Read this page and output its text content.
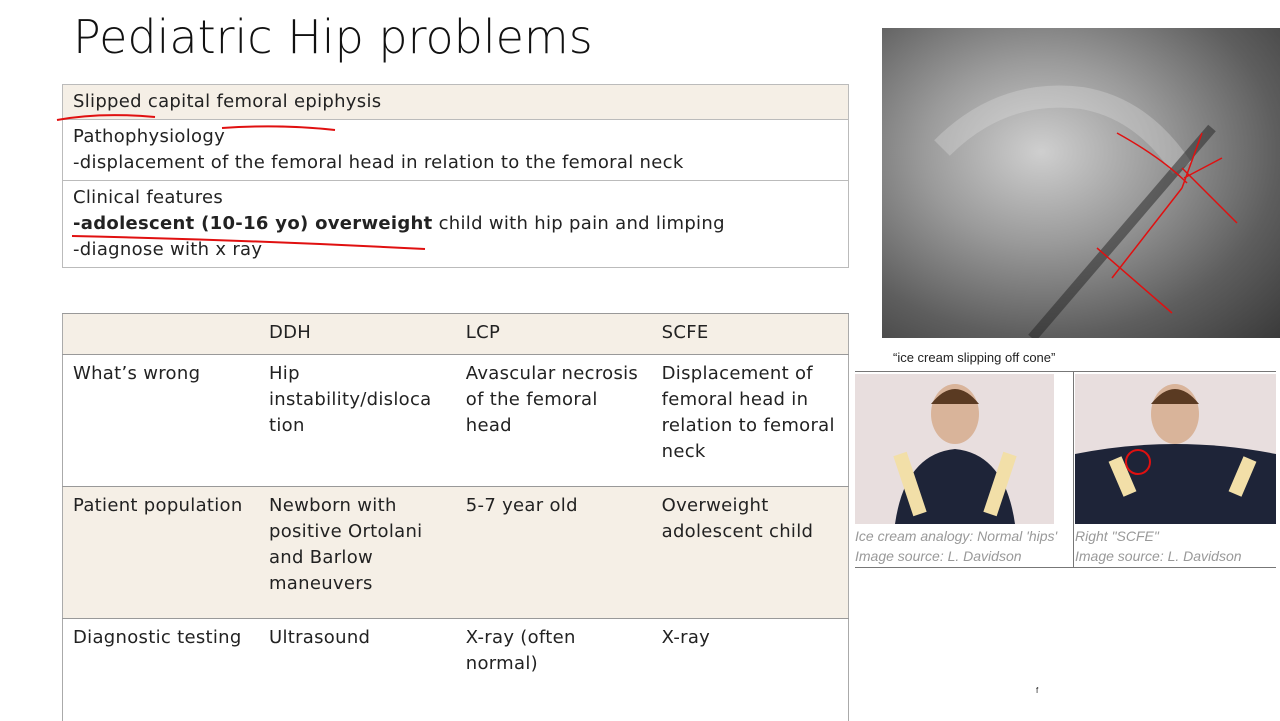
Pediatric Hip problems
Slipped capital femoral epiphysis

Pathophysiology
-displacement of the femoral head in relation to the femoral neck

Clinical features
-adolescent (10-16 yo) overweight child with hip pain and limping
-diagnose with x ray
	DDH	LCP	SCFE
What’s wrong	Hip instability/disloca tion	Avascular necrosis of the femoral head	Displacement of femoral head in relation to femoral neck
Patient population	Newborn with positive Ortolani and Barlow maneuvers	5-7 year old	Overweight adolescent child
Diagnostic testing	Ultrasound	X-ray (often normal)	X-ray
“ice cream slipping off cone”
Ice cream analogy: Normal 'hips'
Image source: L. Davidson
Right "SCFE"
Image source: L. Davidson
f
